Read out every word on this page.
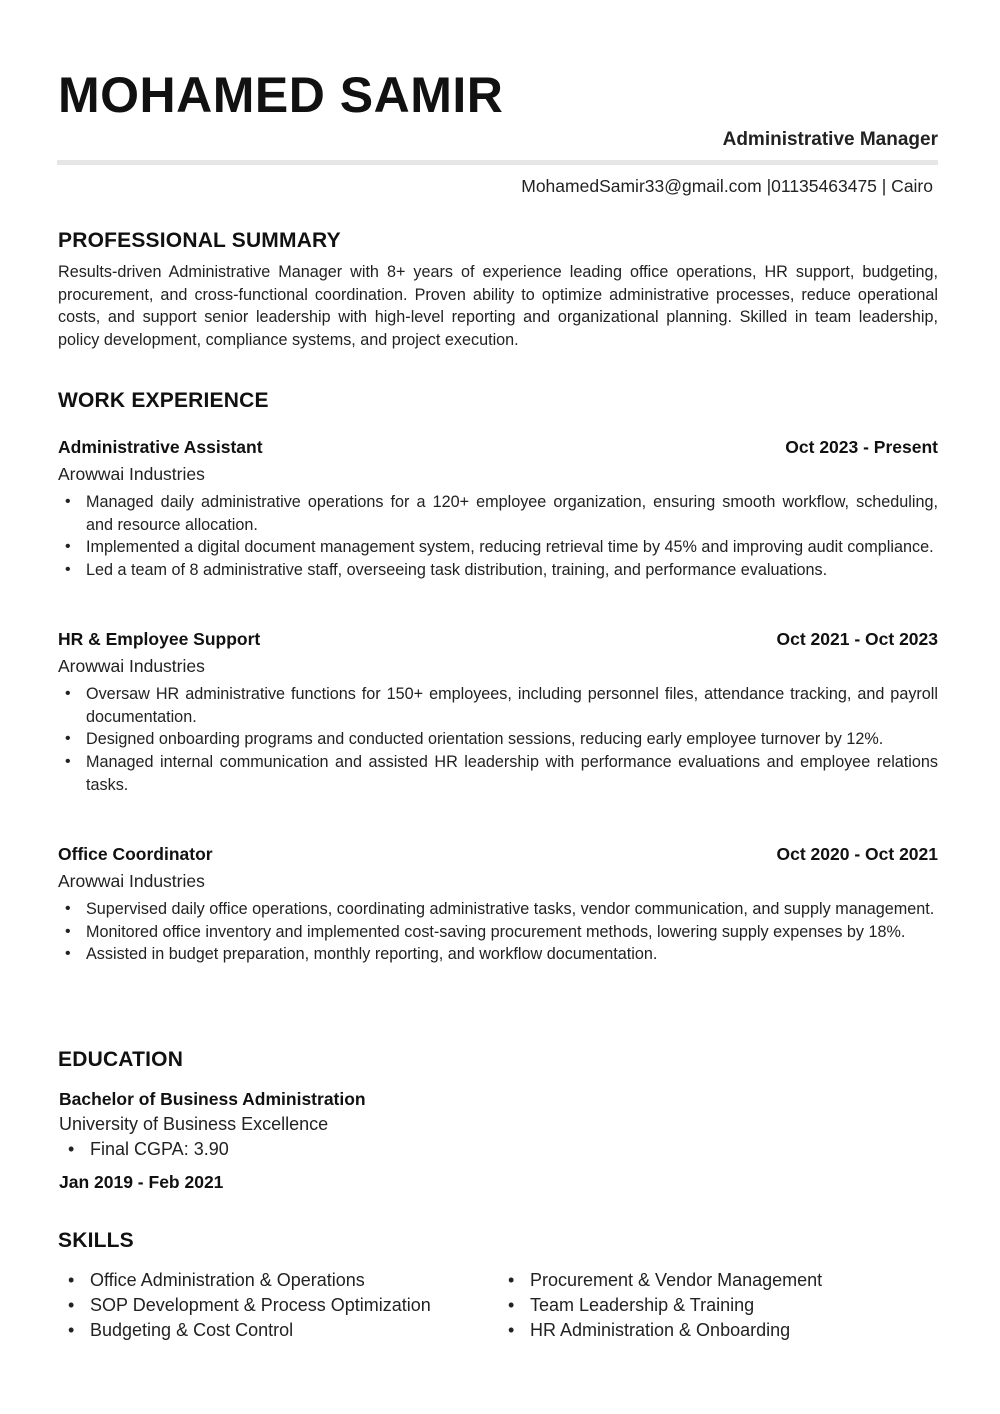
MOHAMED SAMIR
Administrative Manager
MohamedSamir33@gmail.com |01135463475 | Cairo
PROFESSIONAL SUMMARY
Results-driven Administrative Manager with 8+ years of experience leading office operations, HR support, budgeting, procurement, and cross-functional coordination. Proven ability to optimize administrative processes, reduce operational costs, and support senior leadership with high-level reporting and organizational planning. Skilled in team leadership, policy development, compliance systems, and project execution.
WORK EXPERIENCE
Administrative Assistant	Oct 2023 - Present
Arowwai Industries
• Managed daily administrative operations for a 120+ employee organization, ensuring smooth workflow, scheduling, and resource allocation.
• Implemented a digital document management system, reducing retrieval time by 45% and improving audit compliance.
• Led a team of 8 administrative staff, overseeing task distribution, training, and performance evaluations.
HR & Employee Support	Oct 2021 - Oct 2023
Arowwai Industries
• Oversaw HR administrative functions for 150+ employees, including personnel files, attendance tracking, and payroll documentation.
• Designed onboarding programs and conducted orientation sessions, reducing early employee turnover by 12%.
• Managed internal communication and assisted HR leadership with performance evaluations and employee relations tasks.
Office Coordinator	Oct 2020 - Oct 2021
Arowwai Industries
• Supervised daily office operations, coordinating administrative tasks, vendor communication, and supply management.
• Monitored office inventory and implemented cost-saving procurement methods, lowering supply expenses by 18%.
• Assisted in budget preparation, monthly reporting, and workflow documentation.
EDUCATION
Bachelor of Business Administration
University of Business Excellence
• Final CGPA: 3.90
Jan 2019 - Feb 2021
SKILLS
• Office Administration & Operations
• SOP Development & Process Optimization
• Budgeting & Cost Control
• Procurement & Vendor Management
• Team Leadership & Training
• HR Administration & Onboarding
